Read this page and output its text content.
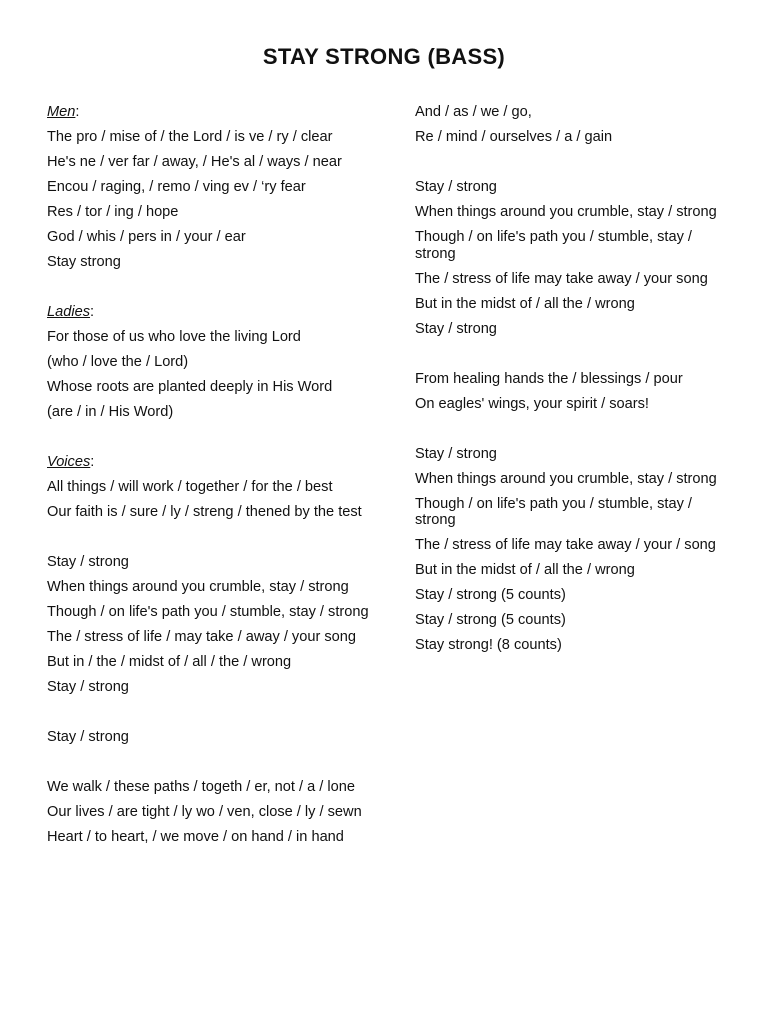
STAY STRONG (BASS)
Men:
The pro / mise of / the Lord / is ve / ry / clear
He's ne / ver far / away, / He's al / ways / near
Encou / raging, / remo / ving ev / ‘ry fear
Res / tor / ing / hope
God / whis / pers in / your / ear
Stay strong
Ladies:
For those of us who love the living Lord
(who / love the / Lord)
Whose roots are planted deeply in His Word
(are / in / His Word)
Voices:
All things / will work / together / for the / best
Our faith is / sure / ly / streng / thened by the test
Stay / strong
When things around you crumble, stay / strong
Though / on life's path you / stumble, stay / strong
The / stress of life / may take / away / your song
But in / the / midst of / all / the / wrong
Stay / strong
Stay / strong
We walk / these paths / togeth / er, not / a / lone
Our lives / are tight / ly wo / ven, close / ly / sewn
Heart / to heart, / we move / on hand / in hand
And / as / we / go,
Re / mind / ourselves / a / gain
Stay / strong
When things around you crumble, stay / strong
Though / on life's path you / stumble, stay / strong
The / stress of life may take away / your song
But in the midst of / all the / wrong
Stay / strong
From healing hands the / blessings / pour
On eagles' wings, your spirit / soars!
Stay / strong
When things around you crumble, stay / strong
Though / on life's path you / stumble, stay / strong
The / stress of life may take away / your / song
But in the midst of / all the / wrong
Stay / strong (5 counts)
Stay / strong (5 counts)
Stay strong! (8 counts)
